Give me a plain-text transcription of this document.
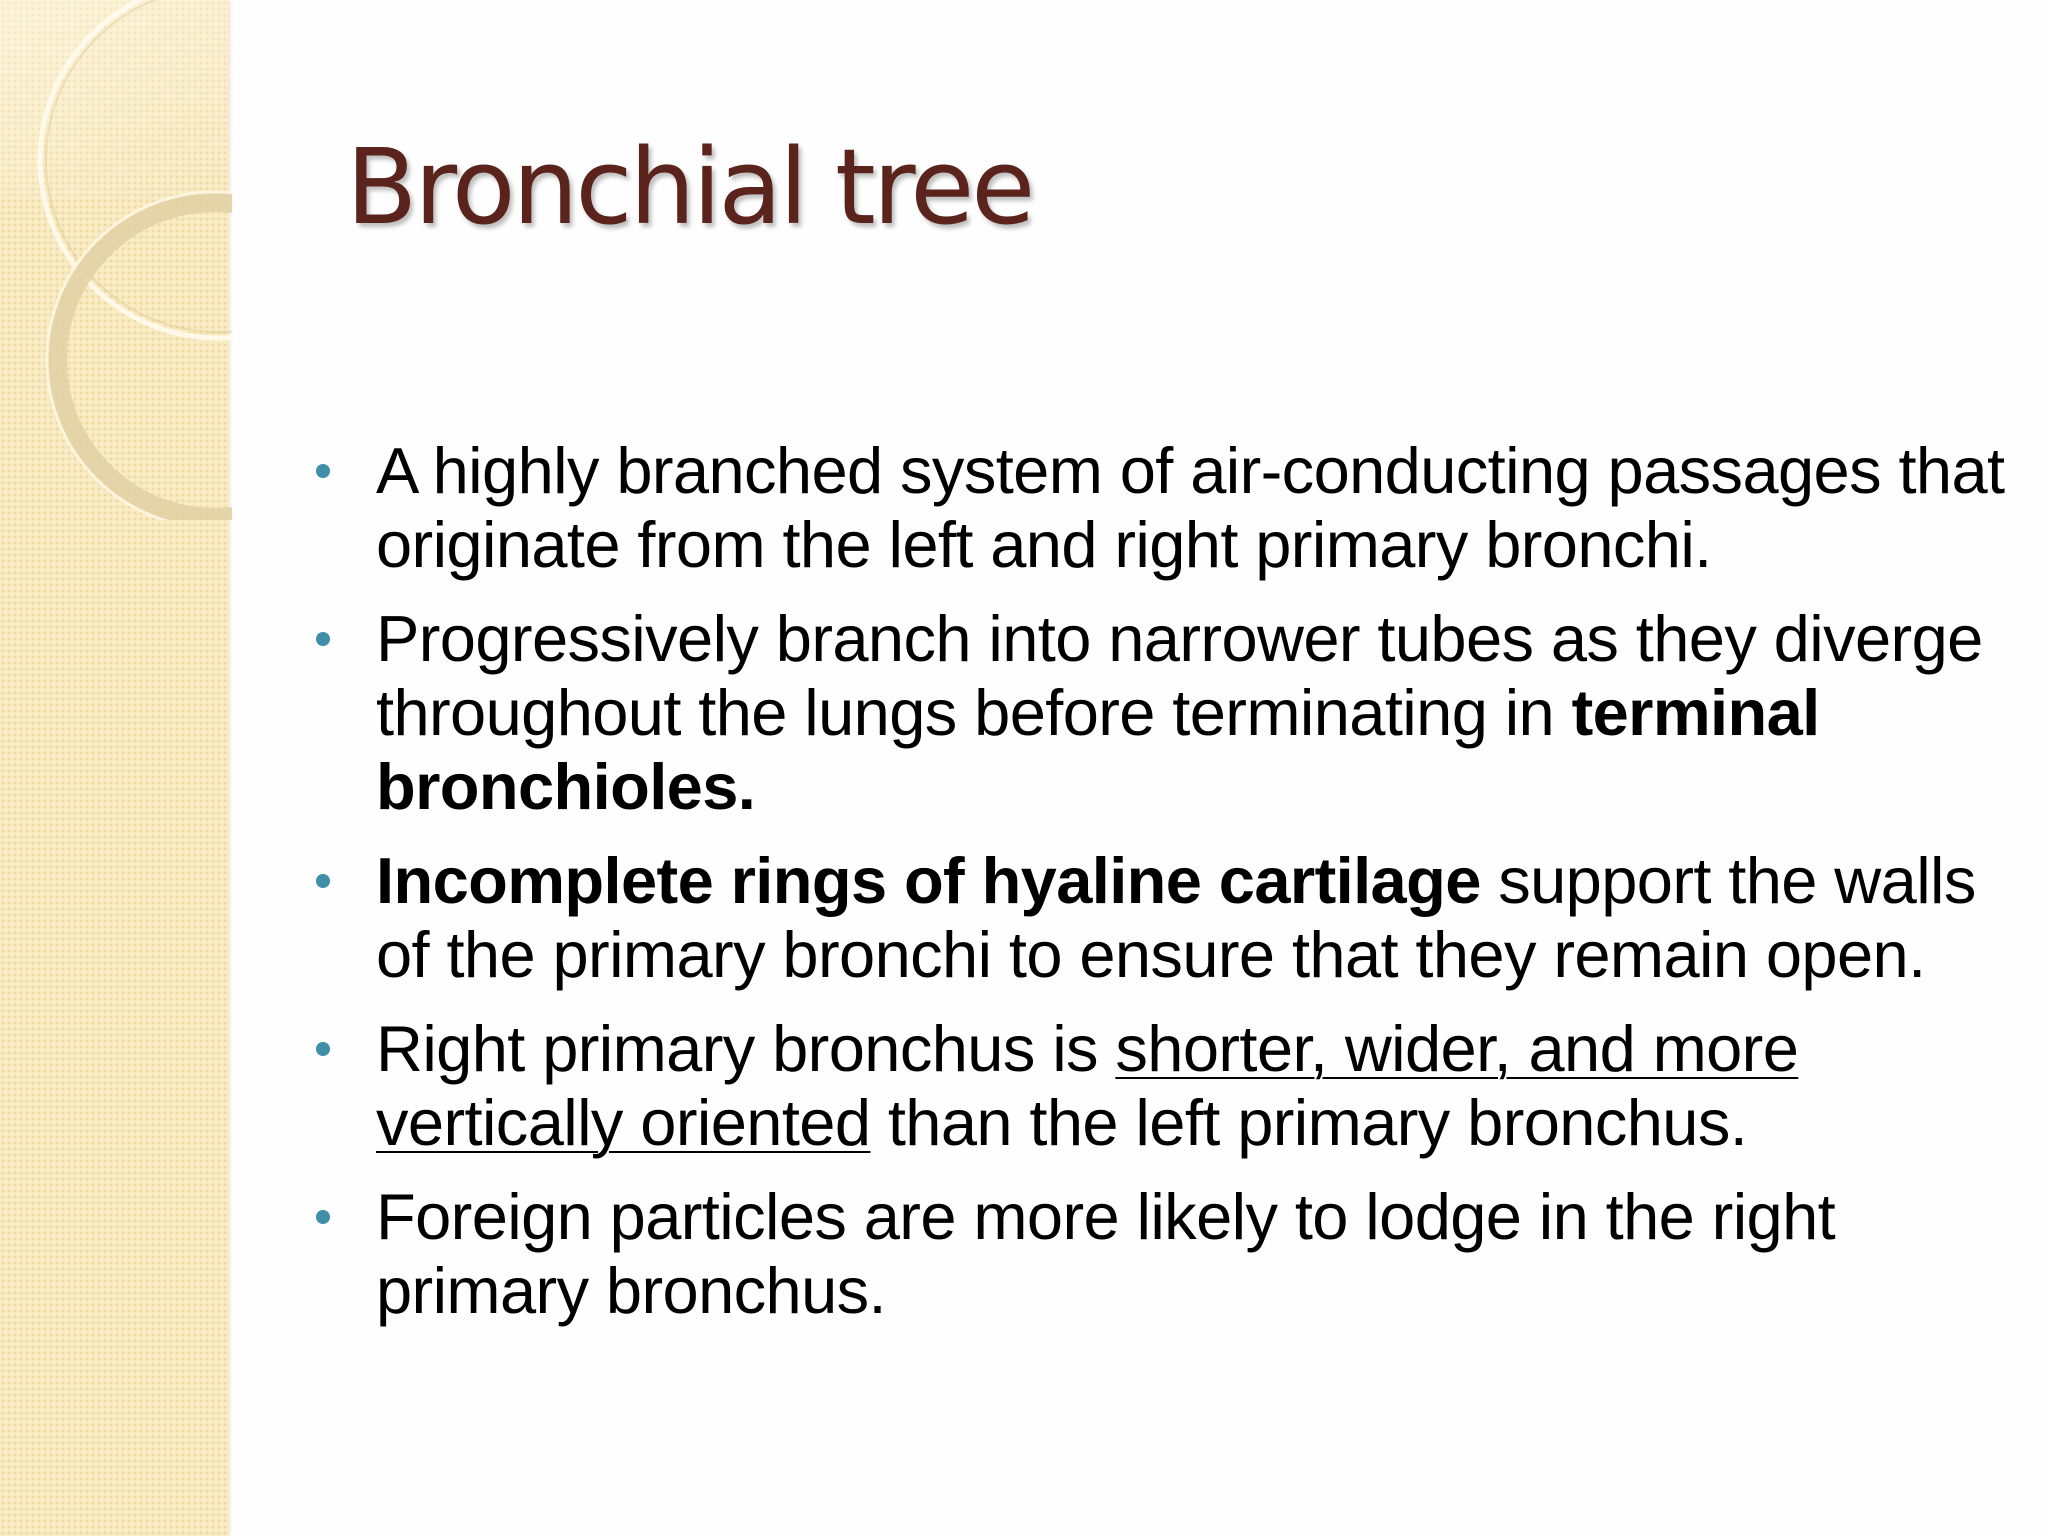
Bronchial tree
A highly branched system of air-conducting passages that originate from the left and right primary bronchi.
Progressively branch into narrower tubes as they diverge throughout the lungs before terminating in terminal bronchioles.
Incomplete rings of hyaline cartilage support the walls of the primary bronchi to ensure that they remain open.
Right primary bronchus is shorter, wider, and more vertically oriented than the left primary bronchus.
Foreign particles are more likely to lodge in the right primary bronchus.
